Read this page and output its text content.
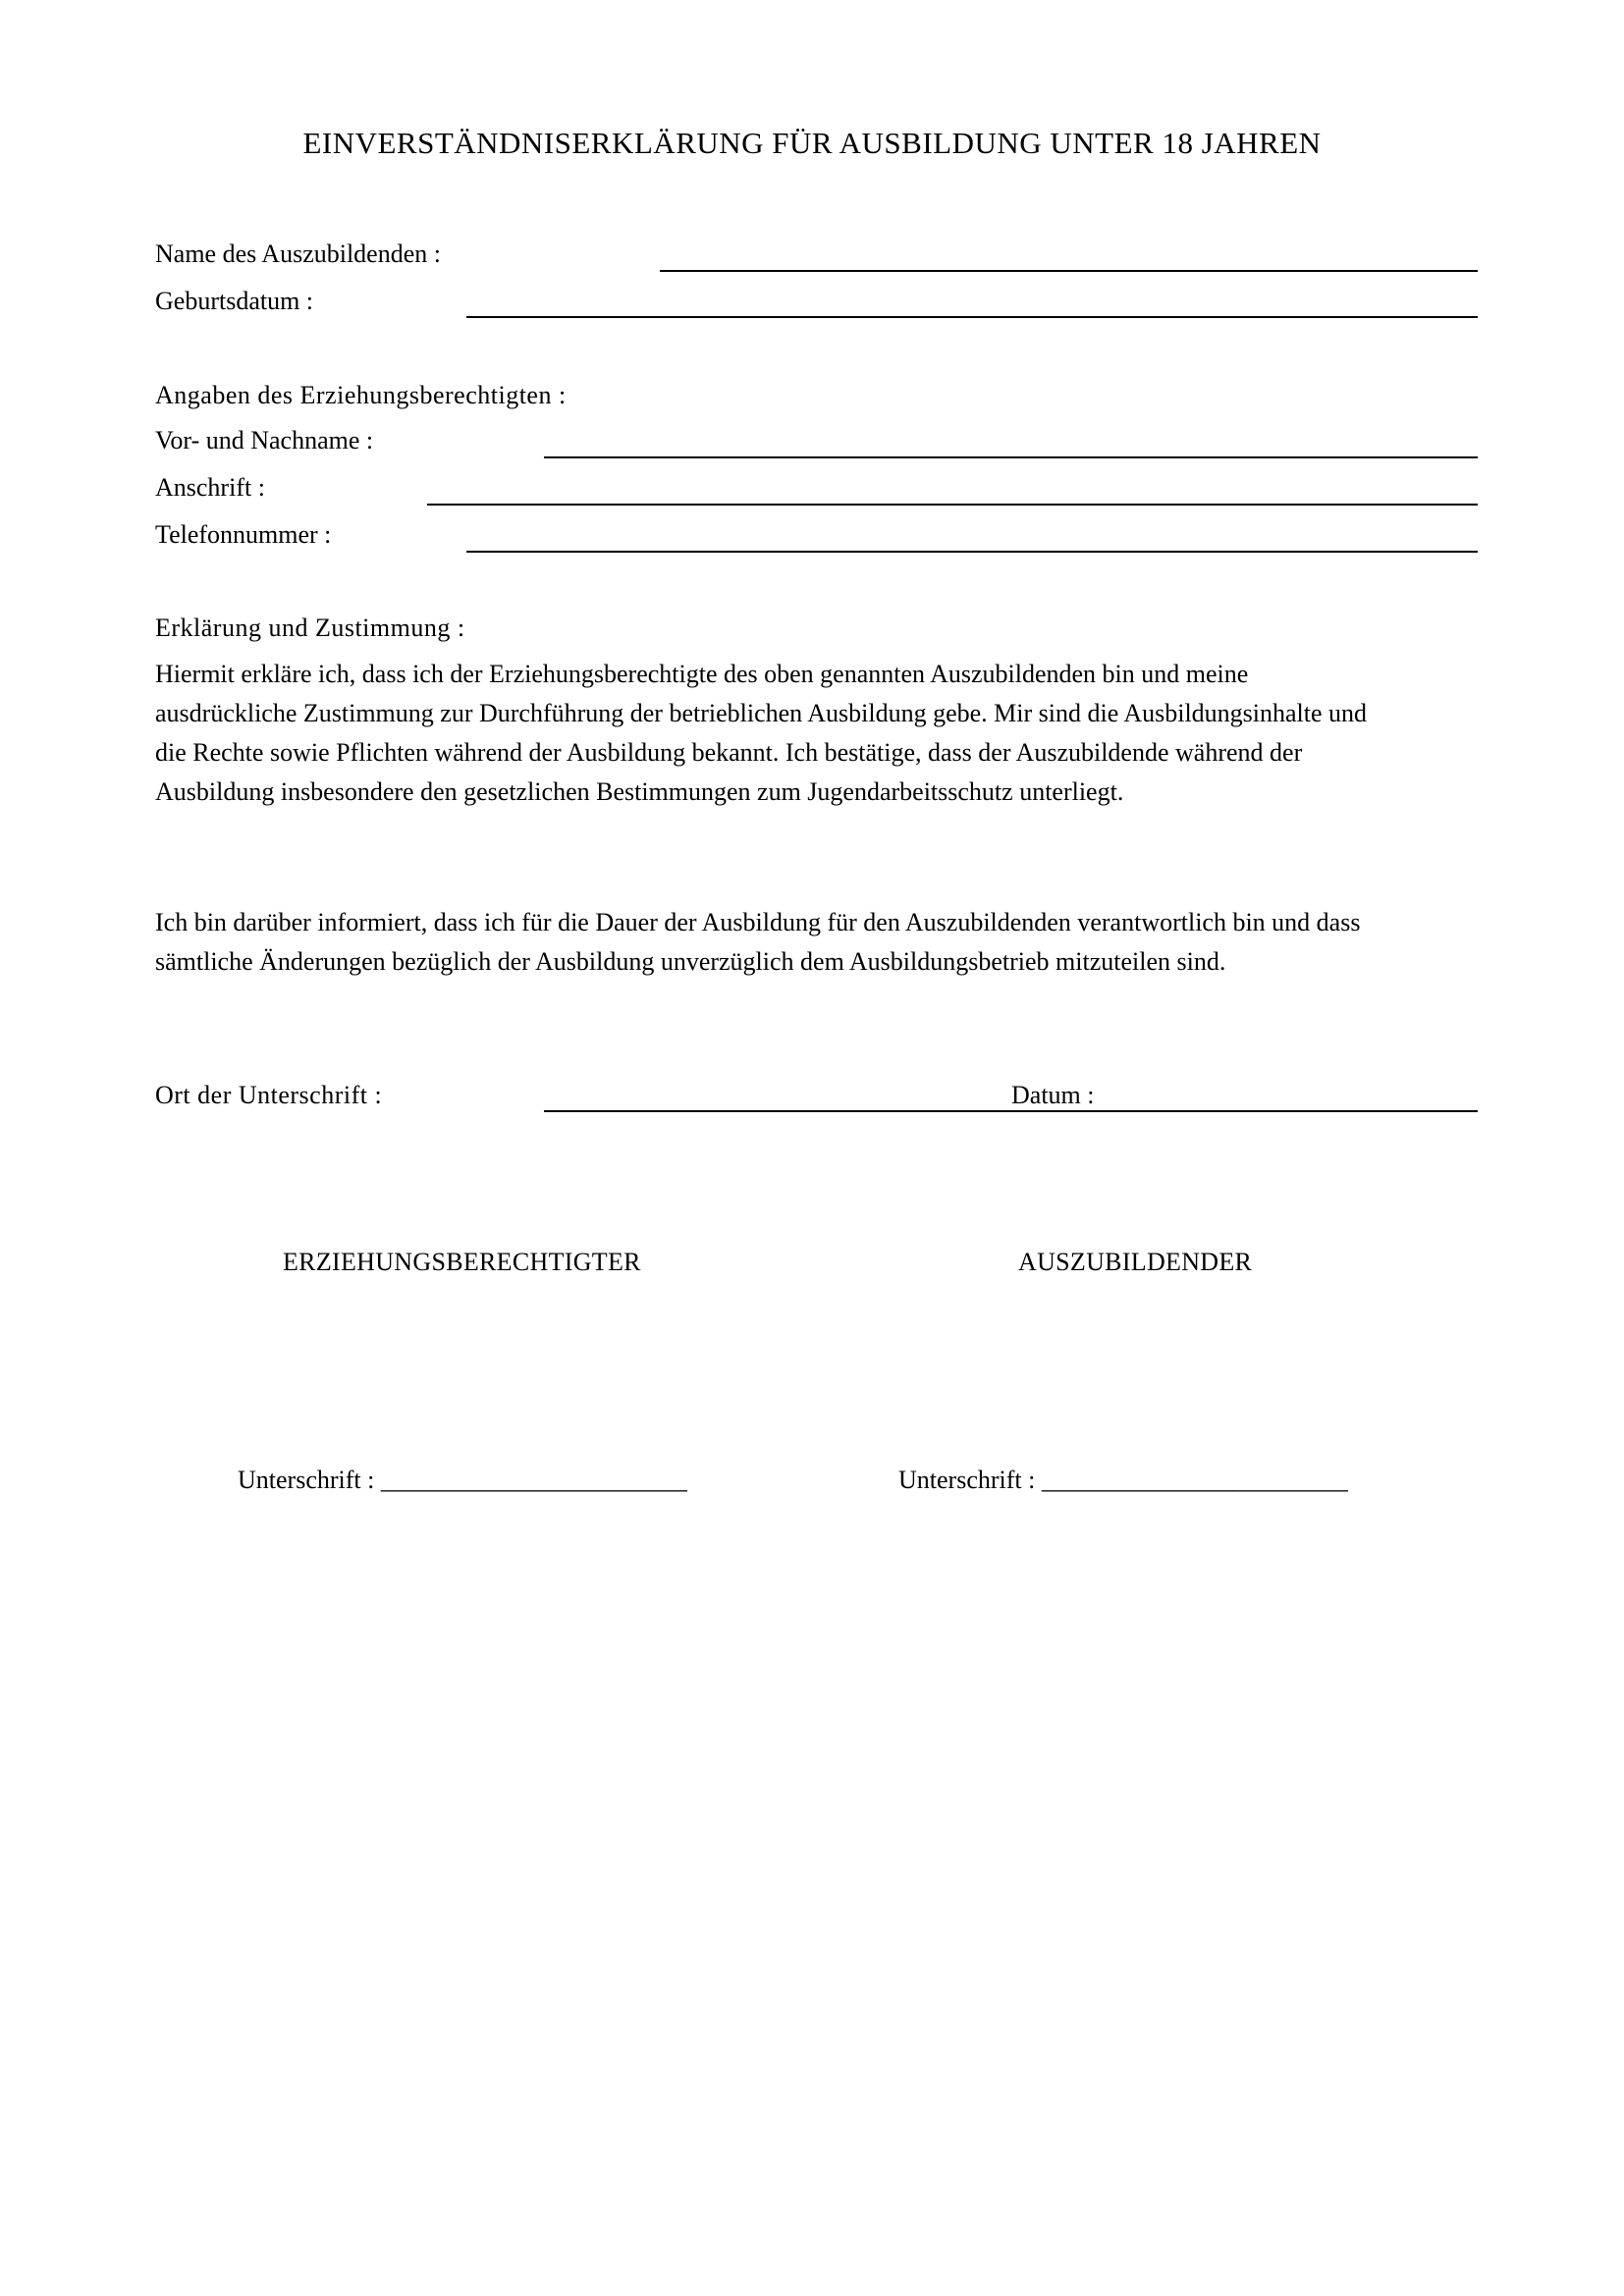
EINVERSTÄNDNISERKLÄRUNG FÜR AUSBILDUNG UNTER 18 JAHREN
Name des Auszubildenden :
Geburtsdatum :
Angaben des Erziehungsberechtigten :
Vor- und Nachname :
Anschrift :
Telefonnummer :
Erklärung und Zustimmung :
Hiermit erkläre ich, dass ich der Erziehungsberechtigte des oben genannten Auszubildenden bin und meine
ausdrückliche Zustimmung zur Durchführung der betrieblichen Ausbildung gebe. Mir sind die Ausbildungsinhalte und
die Rechte sowie Pflichten während der Ausbildung bekannt. Ich bestätige, dass der Auszubildende während der
Ausbildung insbesondere den gesetzlichen Bestimmungen zum Jugendarbeitsschutz unterliegt.
Ich bin darüber informiert, dass ich für die Dauer der Ausbildung für den Auszubildenden verantwortlich bin und dass
sämtliche Änderungen bezüglich der Ausbildung unverzüglich dem Ausbildungsbetrieb mitzuteilen sind.
Ort der Unterschrift :	Datum :
ERZIEHUNGSBERECHTIGTER	AUSZUBILDENDER
Unterschrift : ________________________	Unterschrift : ________________________
